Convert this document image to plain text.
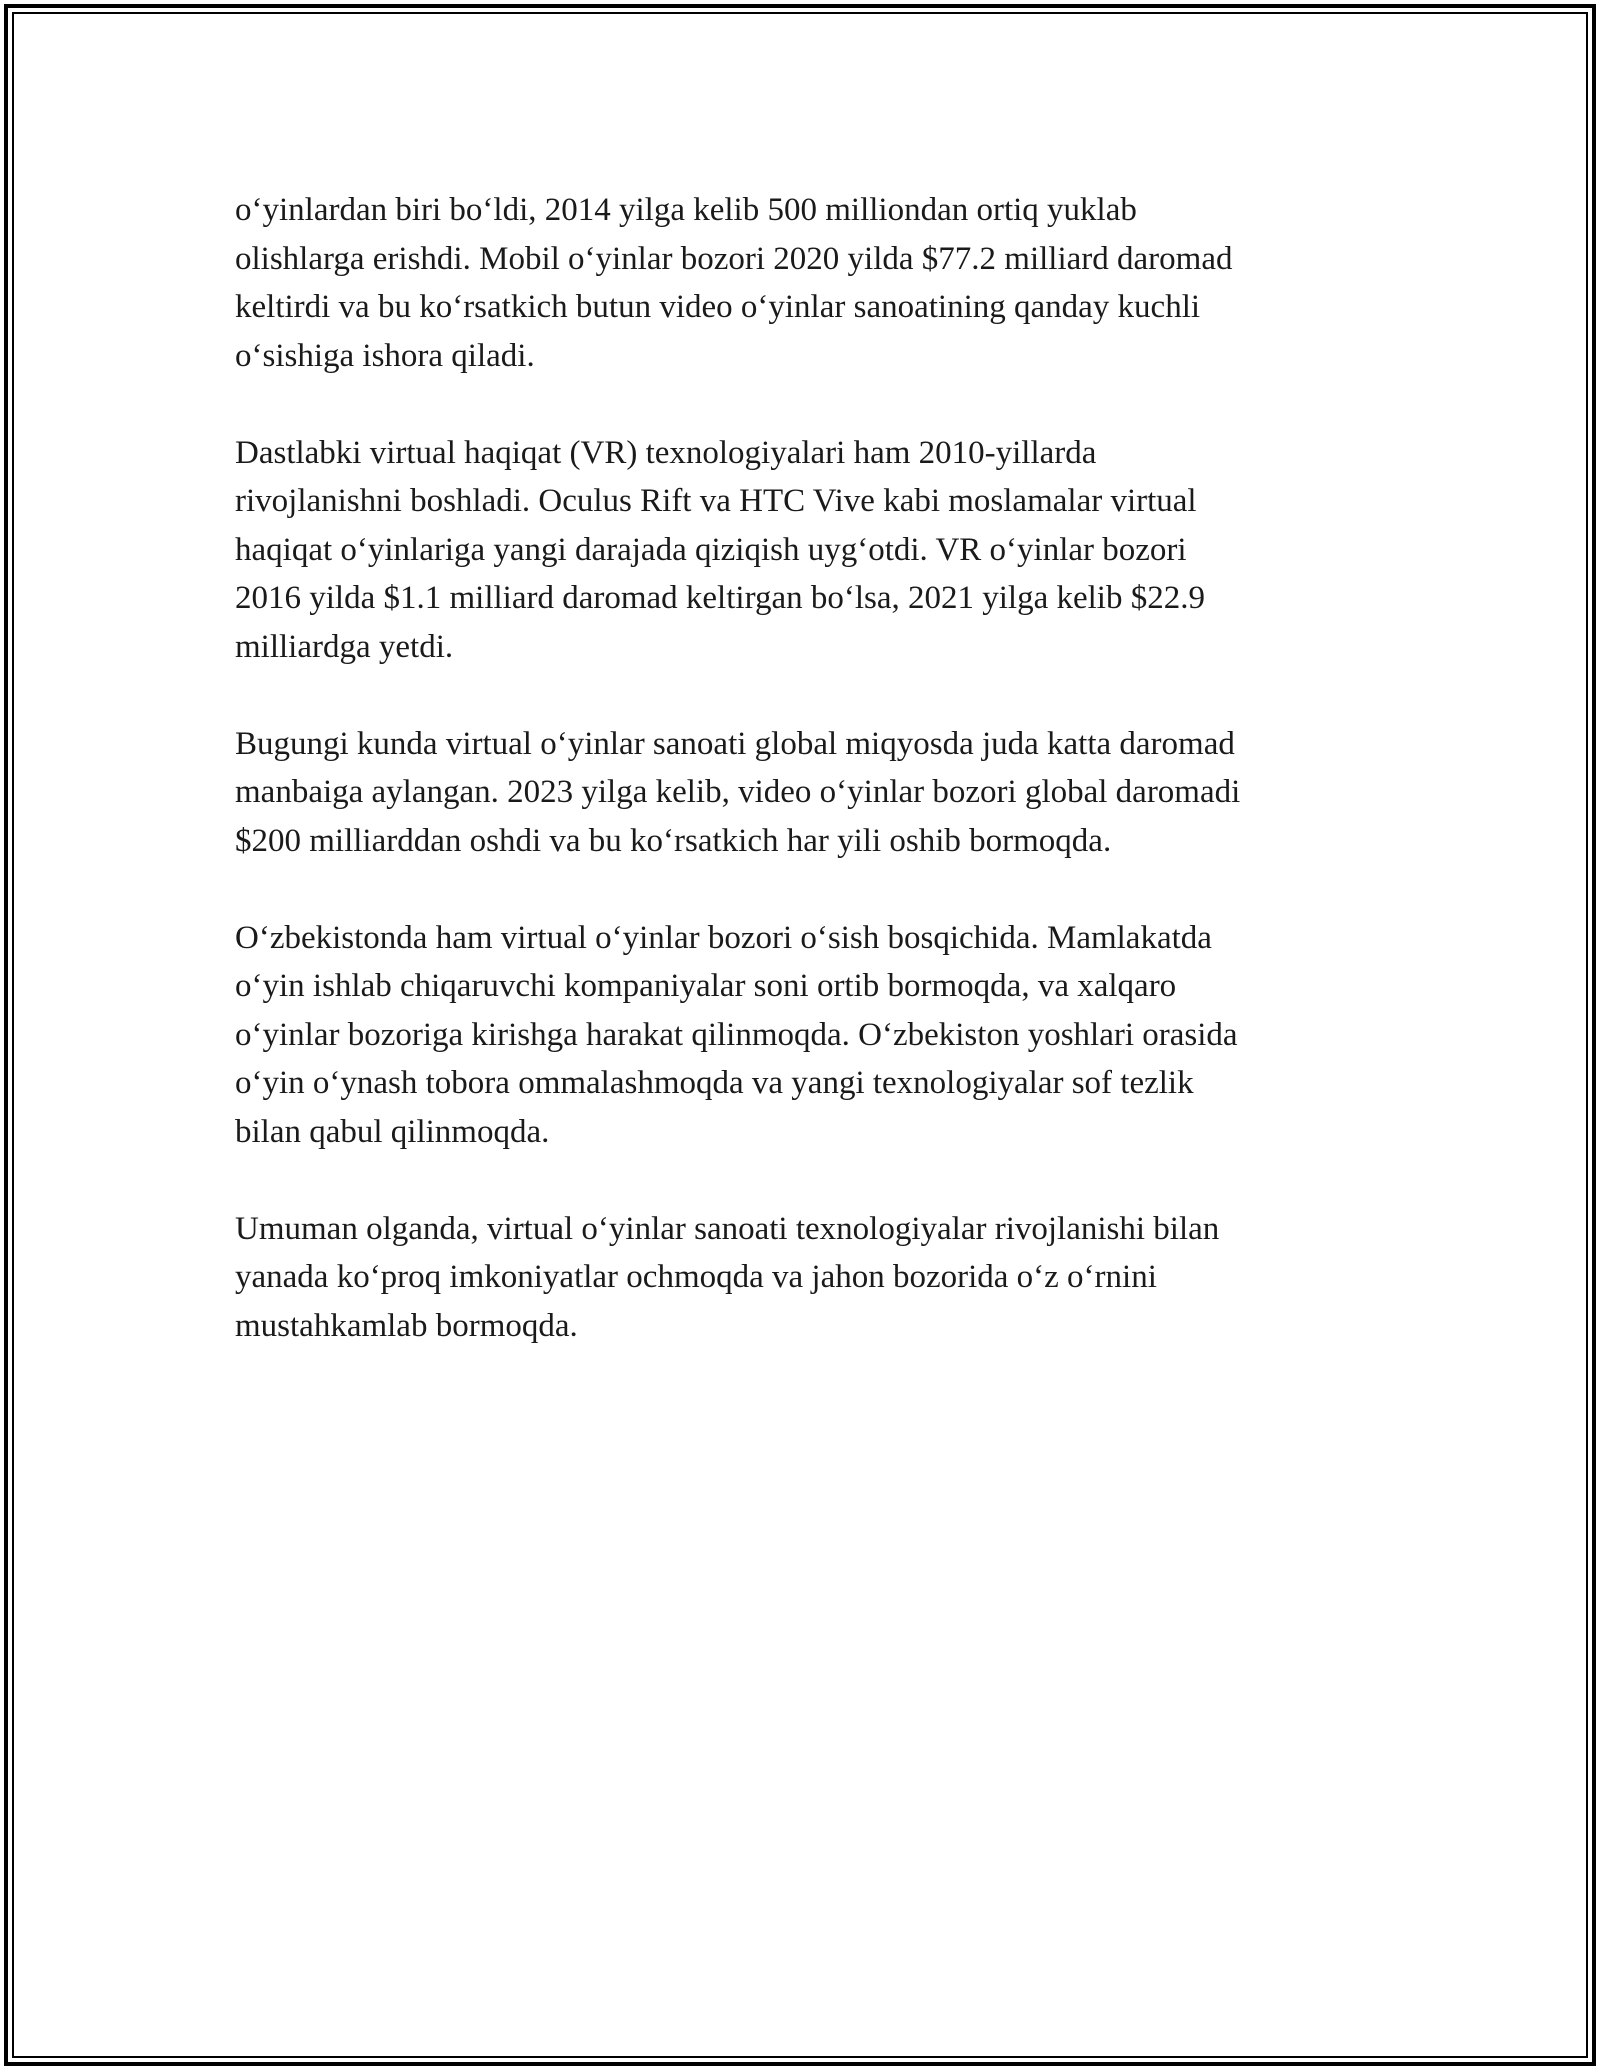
o‘yinlardan biri bo‘ldi, 2014 yilga kelib 500 milliondan ortiq yuklab
olishlarga erishdi. Mobil o‘yinlar bozori 2020 yilda $77.2 milliard daromad
keltirdi va bu ko‘rsatkich butun video o‘yinlar sanoatining qanday kuchli
o‘sishiga ishora qiladi.

Dastlabki virtual haqiqat (VR) texnologiyalari ham 2010-yillarda
rivojlanishni boshladi. Oculus Rift va HTC Vive kabi moslamalar virtual
haqiqat o‘yinlariga yangi darajada qiziqish uyg‘otdi. VR o‘yinlar bozori
2016 yilda $1.1 milliard daromad keltirgan bo‘lsa, 2021 yilga kelib $22.9
milliardga yetdi.

Bugungi kunda virtual o‘yinlar sanoati global miqyosda juda katta daromad
manbaiga aylangan. 2023 yilga kelib, video o‘yinlar bozori global daromadi
$200 milliarddan oshdi va bu ko‘rsatkich har yili oshib bormoqda.

O‘zbekistonda ham virtual o‘yinlar bozori o‘sish bosqichida. Mamlakatda
o‘yin ishlab chiqaruvchi kompaniyalar soni ortib bormoqda, va xalqaro
o‘yinlar bozoriga kirishga harakat qilinmoqda. O‘zbekiston yoshlari orasida
o‘yin o‘ynash tobora ommalashmoqda va yangi texnologiyalar sof tezlik
bilan qabul qilinmoqda.

Umuman olganda, virtual o‘yinlar sanoati texnologiyalar rivojlanishi bilan
yanada ko‘proq imkoniyatlar ochmoqda va jahon bozorida o‘z o‘rnini
mustahkamlab bormoqda.
